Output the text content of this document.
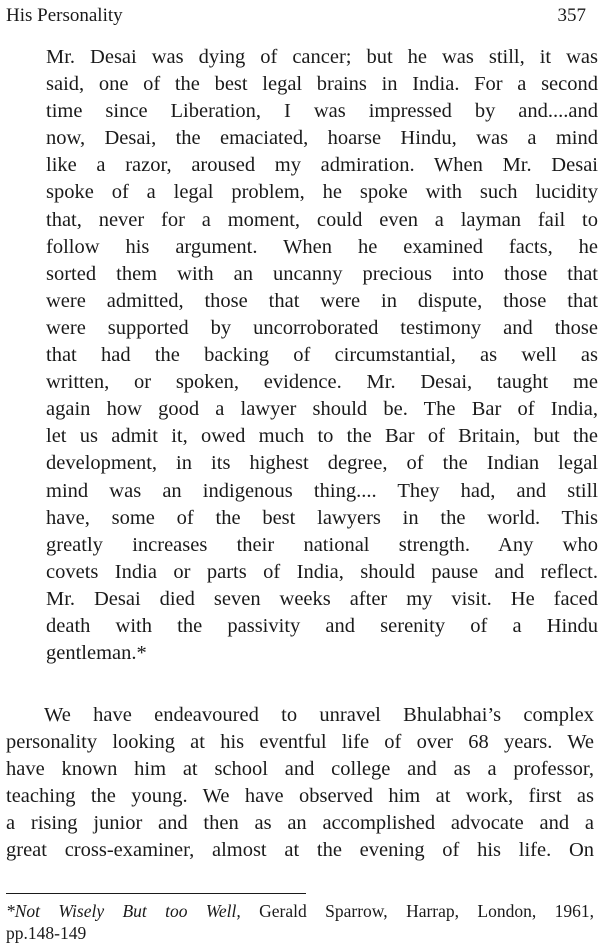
His Personality	357
Mr. Desai was dying of cancer; but he was still, it was
said, one of the best legal brains in India. For a second
time since Liberation, I was impressed by and....and
now, Desai, the emaciated, hoarse Hindu, was a mind
like a razor, aroused my admiration. When Mr. Desai
spoke of a legal problem, he spoke with such lucidity
that, never for a moment, could even a layman fail to
follow his argument. When he examined facts, he
sorted them with an uncanny precious into those that
were admitted, those that were in dispute, those that
were supported by uncorroborated testimony and those
that had the backing of circumstantial, as well as
written, or spoken, evidence. Mr. Desai, taught me
again how good a lawyer should be. The Bar of India,
let us admit it, owed much to the Bar of Britain, but the
development, in its highest degree, of the Indian legal
mind was an indigenous thing.... They had, and still
have, some of the best lawyers in the world. This
greatly increases their national strength. Any who
covets India or parts of India, should pause and reflect.
Mr. Desai died seven weeks after my visit. He faced
death with the passivity and serenity of a Hindu
gentleman.*
We have endeavoured to unravel Bhulabhai’s complex
personality looking at his eventful life of over 68 years. We
have known him at school and college and as a professor,
teaching the young. We have observed him at work, first as
a rising junior and then as an accomplished advocate and a
great cross-examiner, almost at the evening of his life. On
*Not Wisely But too Well, Gerald Sparrow, Harrap, London, 1961,
pp.148-149
